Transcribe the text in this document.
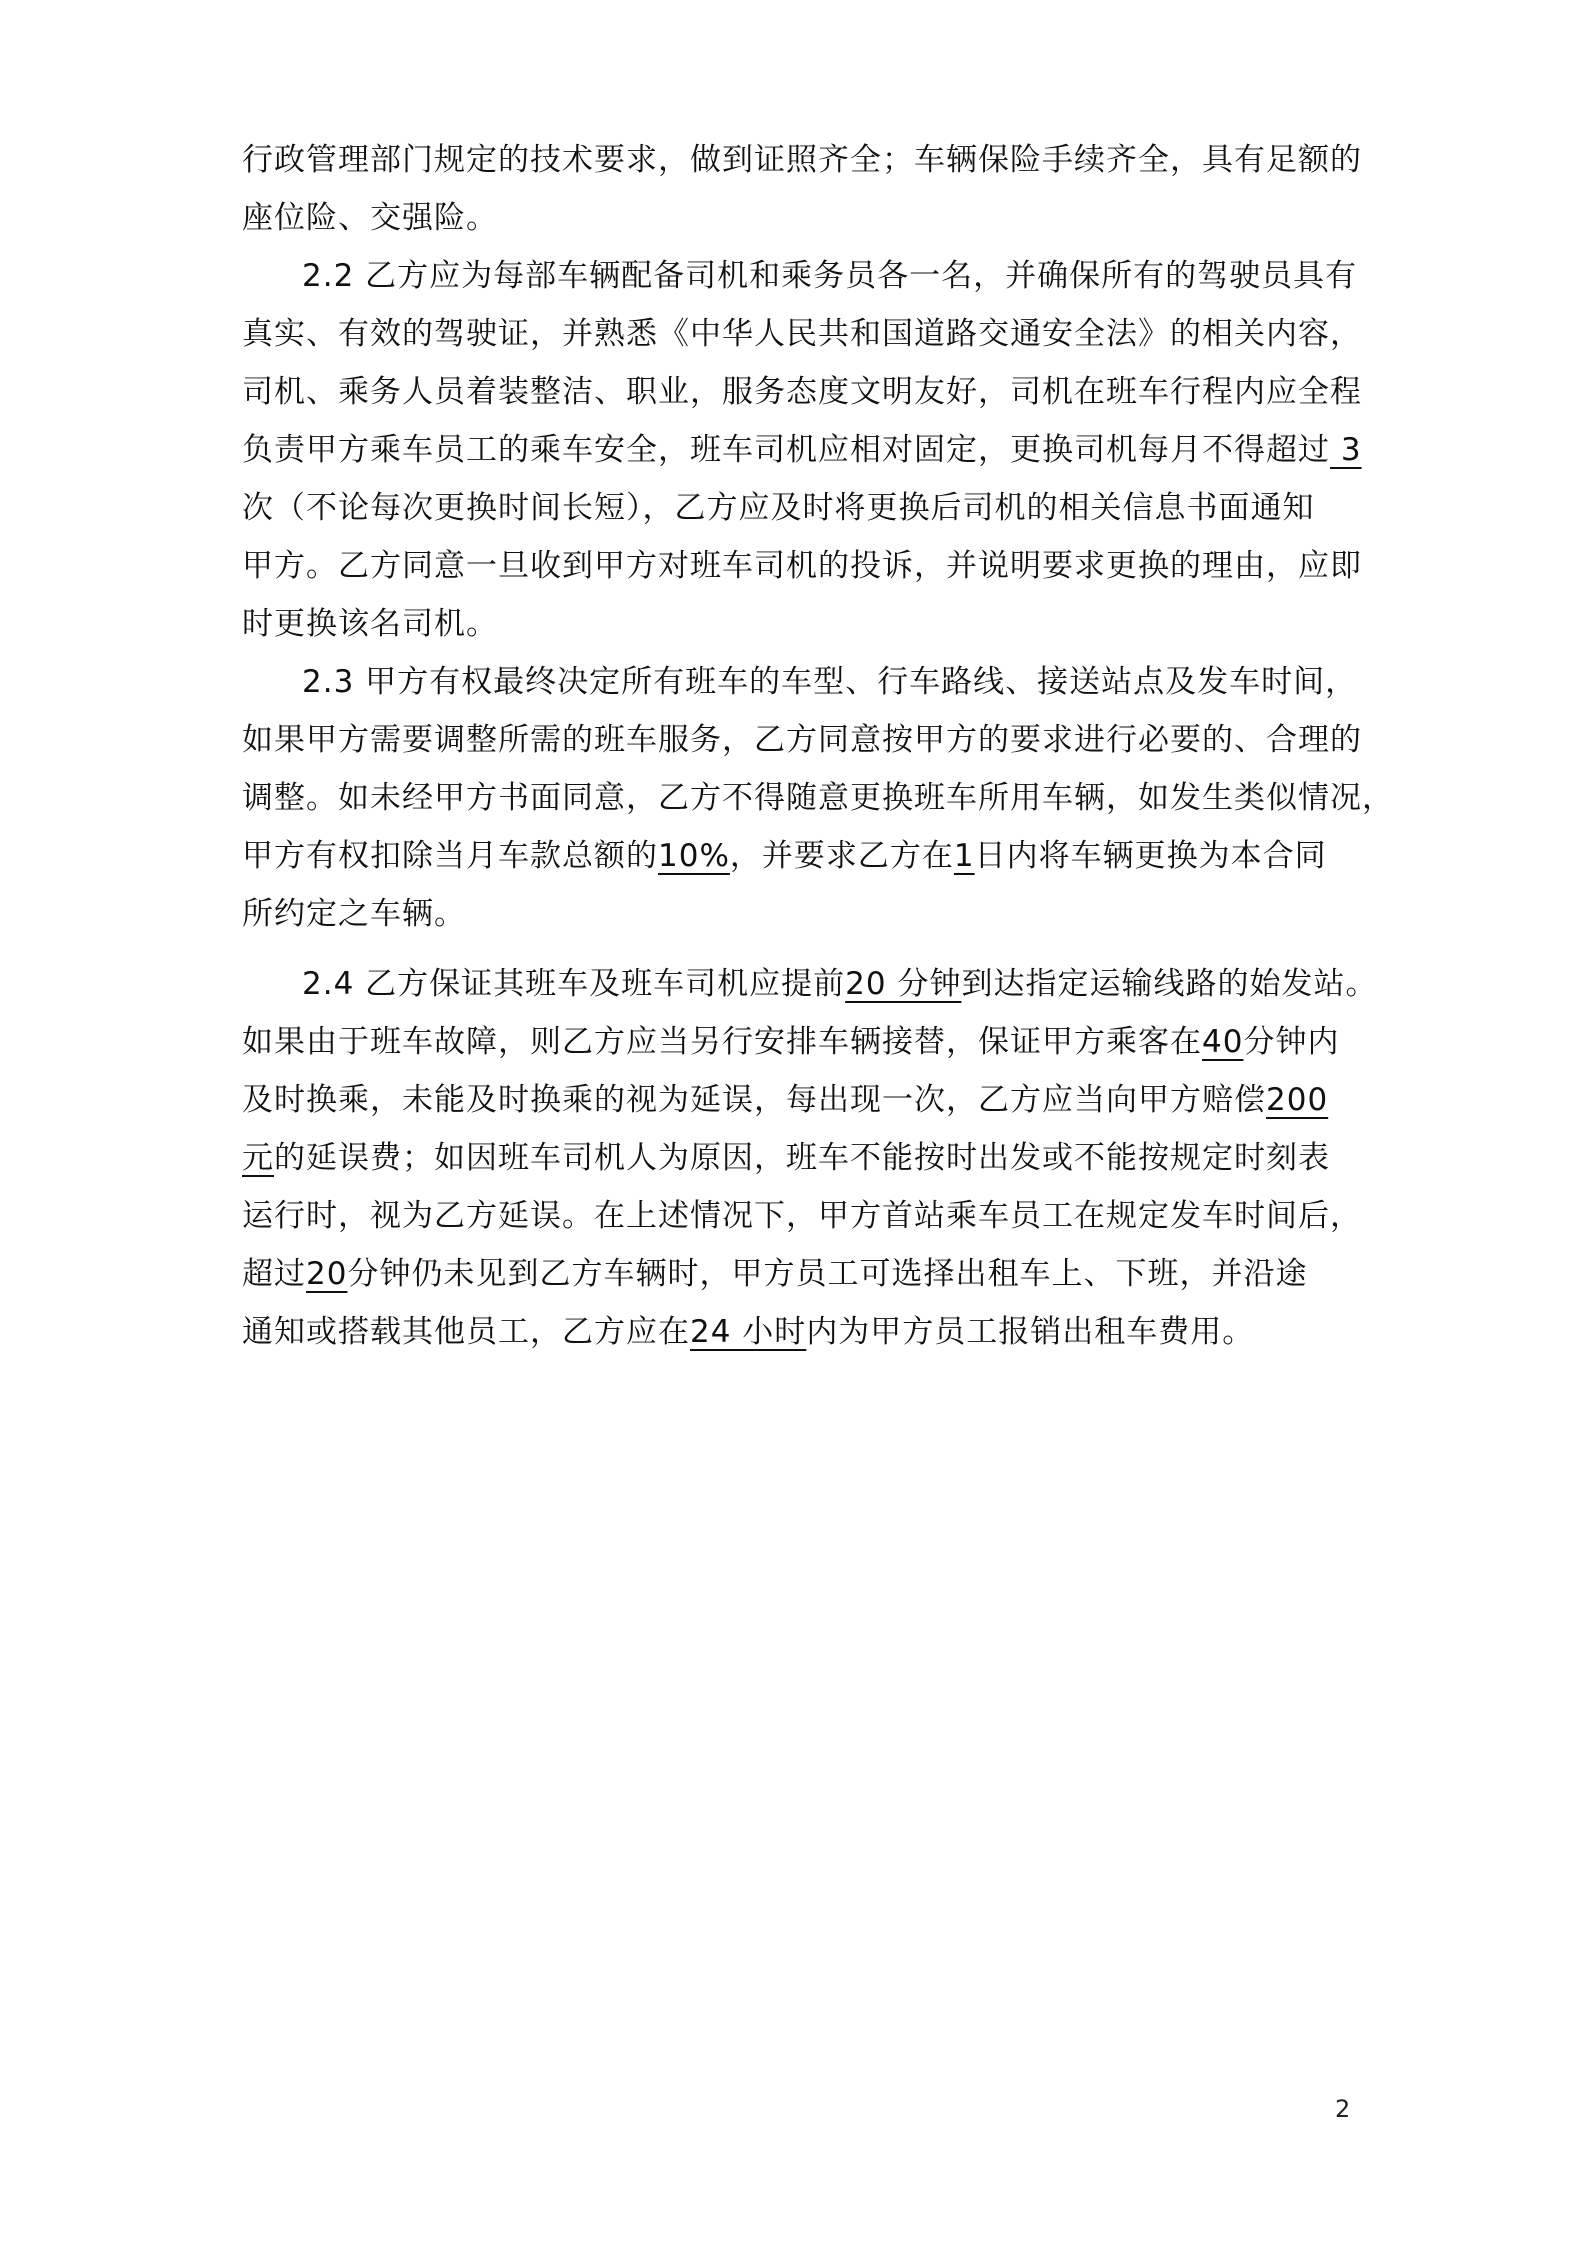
行政管理部门规定的技术要求，做到证照齐全；车辆保险手续齐全，具有足额的
座位险、交强险。
2.2 乙方应为每部车辆配备司机和乘务员各一名，并确保所有的驾驶员具有
真实、有效的驾驶证，并熟悉《中华人民共和国道路交通安全法》的相关内容，
司机、乘务人员着装整洁、职业，服务态度文明友好，司机在班车行程内应全程
负责甲方乘车员工的乘车安全，班车司机应相对固定，更换司机每月不得超过 3
次（不论每次更换时间长短），乙方应及时将更换后司机的相关信息书面通知
甲方。乙方同意一旦收到甲方对班车司机的投诉，并说明要求更换的理由，应即
时更换该名司机。
2.3 甲方有权最终决定所有班车的车型、行车路线、接送站点及发车时间，
如果甲方需要调整所需的班车服务，乙方同意按甲方的要求进行必要的、合理的
调整。如未经甲方书面同意，乙方不得随意更换班车所用车辆，如发生类似情况，
甲方有权扣除当月车款总额的10%，并要求乙方在1日内将车辆更换为本合同
所约定之车辆。
2.4 乙方保证其班车及班车司机应提前20 分钟到达指定运输线路的始发站。
如果由于班车故障，则乙方应当另行安排车辆接替，保证甲方乘客在40分钟内
及时换乘，未能及时换乘的视为延误，每出现一次，乙方应当向甲方赔偿200
元的延误费；如因班车司机人为原因，班车不能按时出发或不能按规定时刻表
运行时，视为乙方延误。在上述情况下，甲方首站乘车员工在规定发车时间后，
超过20分钟仍未见到乙方车辆时，甲方员工可选择出租车上、下班，并沿途
通知或搭载其他员工，乙方应在24 小时内为甲方员工报销出租车费用。
2
